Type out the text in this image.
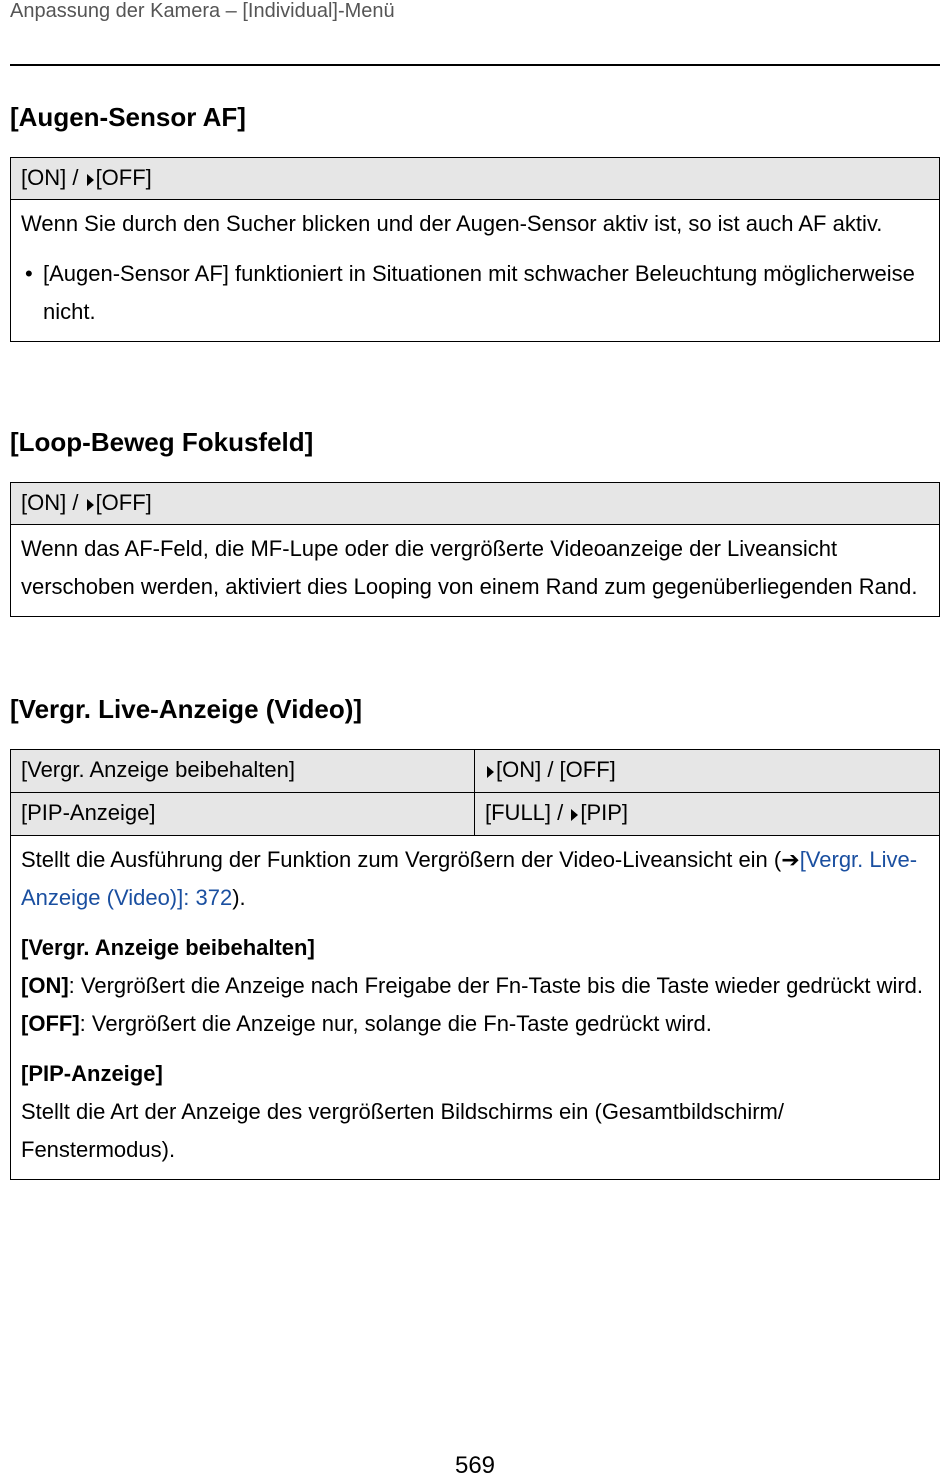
Anpassung der Kamera – [Individual]-Menü
[Augen-Sensor AF]
[ON] / [OFF]
Wenn Sie durch den Sucher blicken und der Augen-Sensor aktiv ist, so ist auch AF aktiv.
• [Augen-Sensor AF] funktioniert in Situationen mit schwacher Beleuchtung möglicherweise nicht.
[Loop-Beweg Fokusfeld]
[ON] / [OFF]
Wenn das AF-Feld, die MF-Lupe oder die vergrößerte Videoanzeige der Liveansicht verschoben werden, aktiviert dies Looping von einem Rand zum gegenüberliegenden Rand.
[Vergr. Live-Anzeige (Video)]
[Vergr. Anzeige beibehalten]	[ON] / [OFF]
[PIP-Anzeige]	[FULL] / [PIP]
Stellt die Ausführung der Funktion zum Vergrößern der Video-Liveansicht ein (➔[Vergr. Live-Anzeige (Video)]: 372).
[Vergr. Anzeige beibehalten]
[ON]: Vergrößert die Anzeige nach Freigabe der Fn-Taste bis die Taste wieder gedrückt wird.
[OFF]: Vergrößert die Anzeige nur, solange die Fn-Taste gedrückt wird.
[PIP-Anzeige]
Stellt die Art der Anzeige des vergrößerten Bildschirms ein (Gesamtbildschirm/ Fenstermodus).
569
